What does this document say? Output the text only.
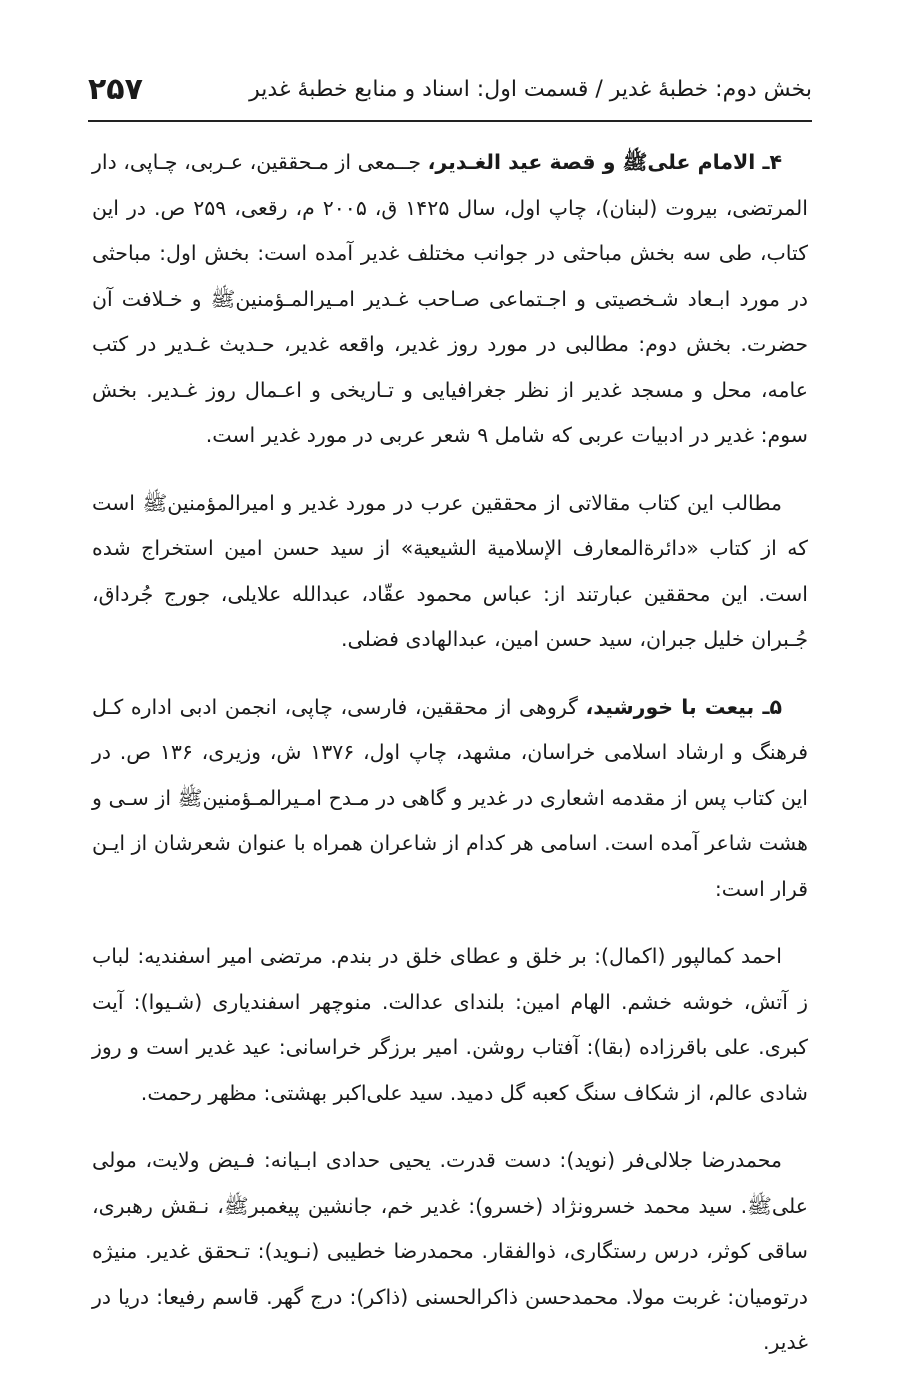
بخش دوم: خطبهٔ غدیر / قسمت اول: اسناد و منابع خطبهٔ غدیر
۲۵۷

۴ـ الامام علیﷺ و قصة عید الغـدیر، جــمعی از مـحققین، عـربی، چـاپی، دار المرتضی، بیروت (لبنان)، چاپ اول، سال ۱۴۲۵ ق، ۲۰۰۵ م، رقعی، ۲۵۹ ص. در این کتاب، طی سه بخش مباحثی در جوانب مختلف غدیر آمده است: بخش اول: مباحثی در مورد ابـعاد شـخصیتی و اجـتماعی صـاحب غـدیر امـیرالمـؤمنینﷺ و خـلافت آن حضرت. بخش دوم: مطالبی در مورد روز غدیر، واقعه غدیر، حـدیث غـدیر در کتب عامه، محل و مسجد غدیر از نظر جغرافیایی و تـاریخی و اعـمال روز غـدیر. بخش سوم: غدیر در ادبیات عربی که شامل ۹ شعر عربی در مورد غدیر است.

مطالب این کتاب مقالاتی از محققین عرب در مورد غدیر و امیرالمؤمنینﷺ است که از کتاب «دائرة‌المعارف الإسلامیة الشیعیة» از سید حسن امین استخراج شده است. این محققین عبارتند از: عباس محمود عقّاد، عبدالله علایلی، جورج جُرداق، جُـبران خلیل جبران، سید حسن امین، عبدالهادی فضلی.

۵ـ بیعت با خورشید، گروهی از محققین، فارسی، چاپی، انجمن ادبی اداره کـل فرهنگ و ارشاد اسلامی خراسان، مشهد، چاپ اول، ۱۳۷۶ ش، وزیری، ۱۳۶ ص. در این کتاب پس از مقدمه اشعاری در غدیر و گاهی در مـدح امـیرالمـؤمنینﷺ از سـی و هشت شاعر آمده است. اسامی هر کدام از شاعران همراه با عنوان شعرشان از ایـن قرار است:

احمد کمالپور (اکمال): بر خلق و عطای خلق در بندم. مرتضی امیر اسفندیه: لباب ز آتش، خوشه خشم. الهام امین: بلندای عدالت. منوچهر اسفندیاری (شـیوا): آیت کبری. علی باقرزاده (بقا): آفتاب روشن. امیر برزگر خراسانی: عید غدیر است و روز شادی عالم، از شکاف سنگ کعبه گل دمید. سید علی‌اکبر بهشتی: مظهر رحمت.

محمدرضا جلالی‌فر (نوید): دست قدرت. یحیی حدادی ابـیانه: فـیض ولایت، مولی علیﷺ. سید محمد خسرونژاد (خسرو): غدیر خم، جانشین پیغمبرﷺ، نـقش رهبری، ساقی کوثر، درس رستگاری، ذوالفقار. محمدرضا خطیبی (نـوید): تـحقق غدیر. منیژه درتومیان: غربت مولا. محمدحسن ذاکرالحسنی (ذاکر): درج گهر. قاسم رفیعا: دریا در غدیر.
